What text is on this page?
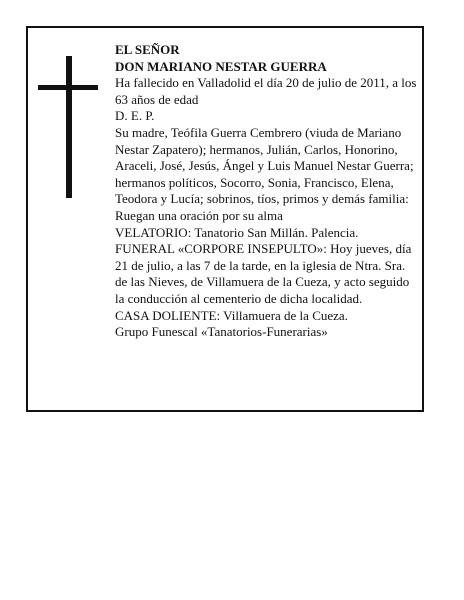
EL SEÑOR

DON MARIANO NESTAR GUERRA

Ha fallecido en Valladolid el día 20 de julio de 2011, a los 63 años de edad

D. E. P.

Su madre, Teófila Guerra Cembrero (viuda de Mariano Nestar Zapatero); hermanos, Julián, Carlos, Honorino, Araceli, José, Jesús, Ángel y Luis Manuel Nestar Guerra; hermanos políticos, Socorro, Sonia, Francisco, Elena, Teodora y Lucía; sobrinos, tíos, primos y demás familia:

Ruegan una oración por su alma

VELATORIO: Tanatorio San Millán. Palencia.

FUNERAL «CORPORE INSEPULTO»: Hoy jueves, día 21 de julio, a las 7 de la tarde, en la iglesia de Ntra. Sra. de las Nieves, de Villamuera de la Cueza, y acto seguido la conducción al cementerio de dicha localidad.

CASA DOLIENTE: Villamuera de la Cueza.

Grupo Funescal «Tanatorios-Funerarias»
